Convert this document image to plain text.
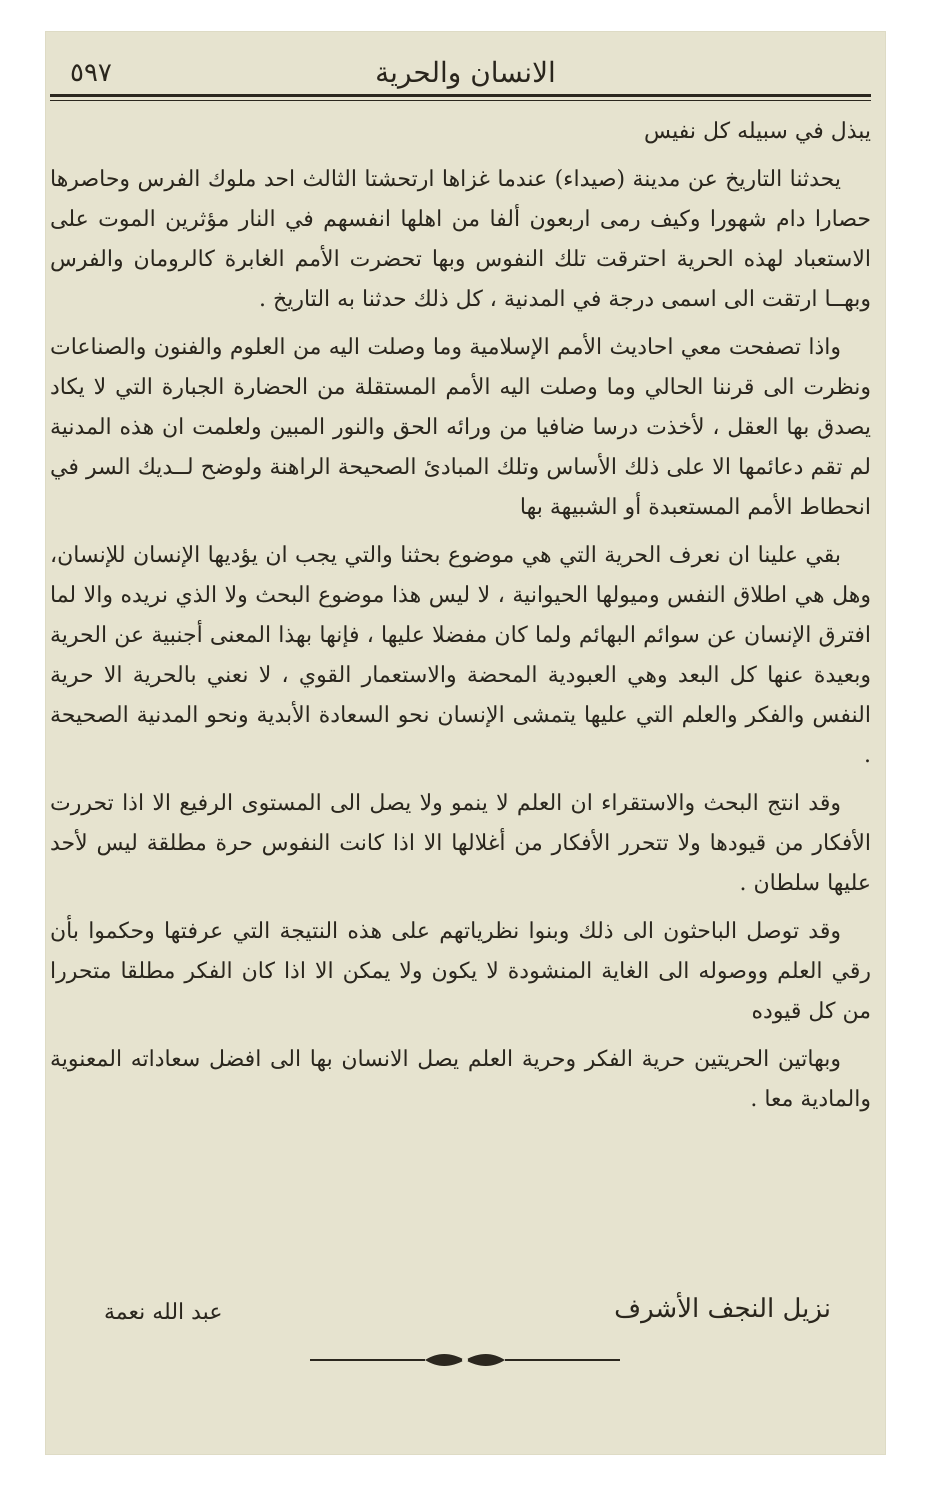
٥٩٧	الانسان والحرية

يبذل في سبيله كل نفيس

يحدثنا التاريخ عن مدينة (صيداء) عندما غزاها ارتحشتا الثالث احد ملوك الفرس وحاصرها حصارا دام شهورا وكيف رمى اربعون ألفا من اهلها انفسهم في النار مؤثرين الموت على الاستعباد لهذه الحرية احترقت تلك النفوس وبها تحضرت الأمم الغابرة كالرومان والفرس وبهــا ارتقت الى اسمى درجة في المدنية ، كل ذلك حدثنا به التاريخ .

واذا تصفحت معي احاديث الأمم الإسلامية وما وصلت اليه من العلوم والفنون والصناعات ونظرت الى قرننا الحالي وما وصلت اليه الأمم المستقلة من الحضارة الجبارة التي لا يكاد يصدق بها العقل ، لأخذت درسا ضافيا من ورائه الحق والنور المبين ولعلمت ان هذه المدنية لم تقم دعائمها الا على ذلك الأساس وتلك المبادئ الصحيحة الراهنة ولوضح لــديك السر في انحطاط الأمم المستعبدة أو الشبيهة بها

بقي علينا ان نعرف الحرية التي هي موضوع بحثنا والتي يجب ان يؤديها الإنسان للإنسان، وهل هي اطلاق النفس وميولها الحيوانية ، لا ليس هذا موضوع البحث ولا الذي نريده والا لما افترق الإنسان عن سوائم البهائم ولما كان مفضلا عليها ، فإنها بهذا المعنى أجنبية عن الحرية وبعيدة عنها كل البعد وهي العبودية المحضة والاستعمار القوي ، لا نعني بالحرية الا حرية النفس والفكر والعلم التي عليها يتمشى الإنسان نحو السعادة الأبدية ونحو المدنية الصحيحة .

وقد انتج البحث والاستقراء ان العلم لا ينمو ولا يصل الى المستوى الرفيع الا اذا تحررت الأفكار من قيودها ولا تتحرر الأفكار من أغلالها الا اذا كانت النفوس حرة مطلقة ليس لأحد عليها سلطان .

وقد توصل الباحثون الى ذلك وبنوا نظرياتهم على هذه النتيجة التي عرفتها وحكموا بأن رقي العلم ووصوله الى الغاية المنشودة لا يكون ولا يمكن الا اذا كان الفكر مطلقا متحررا من كل قيوده

وبهاتين الحريتين حرية الفكر وحرية العلم يصل الانسان بها الى افضل سعاداته المعنوية والمادية معا .

نزيل النجف الأشرف
عبد الله نعمة
